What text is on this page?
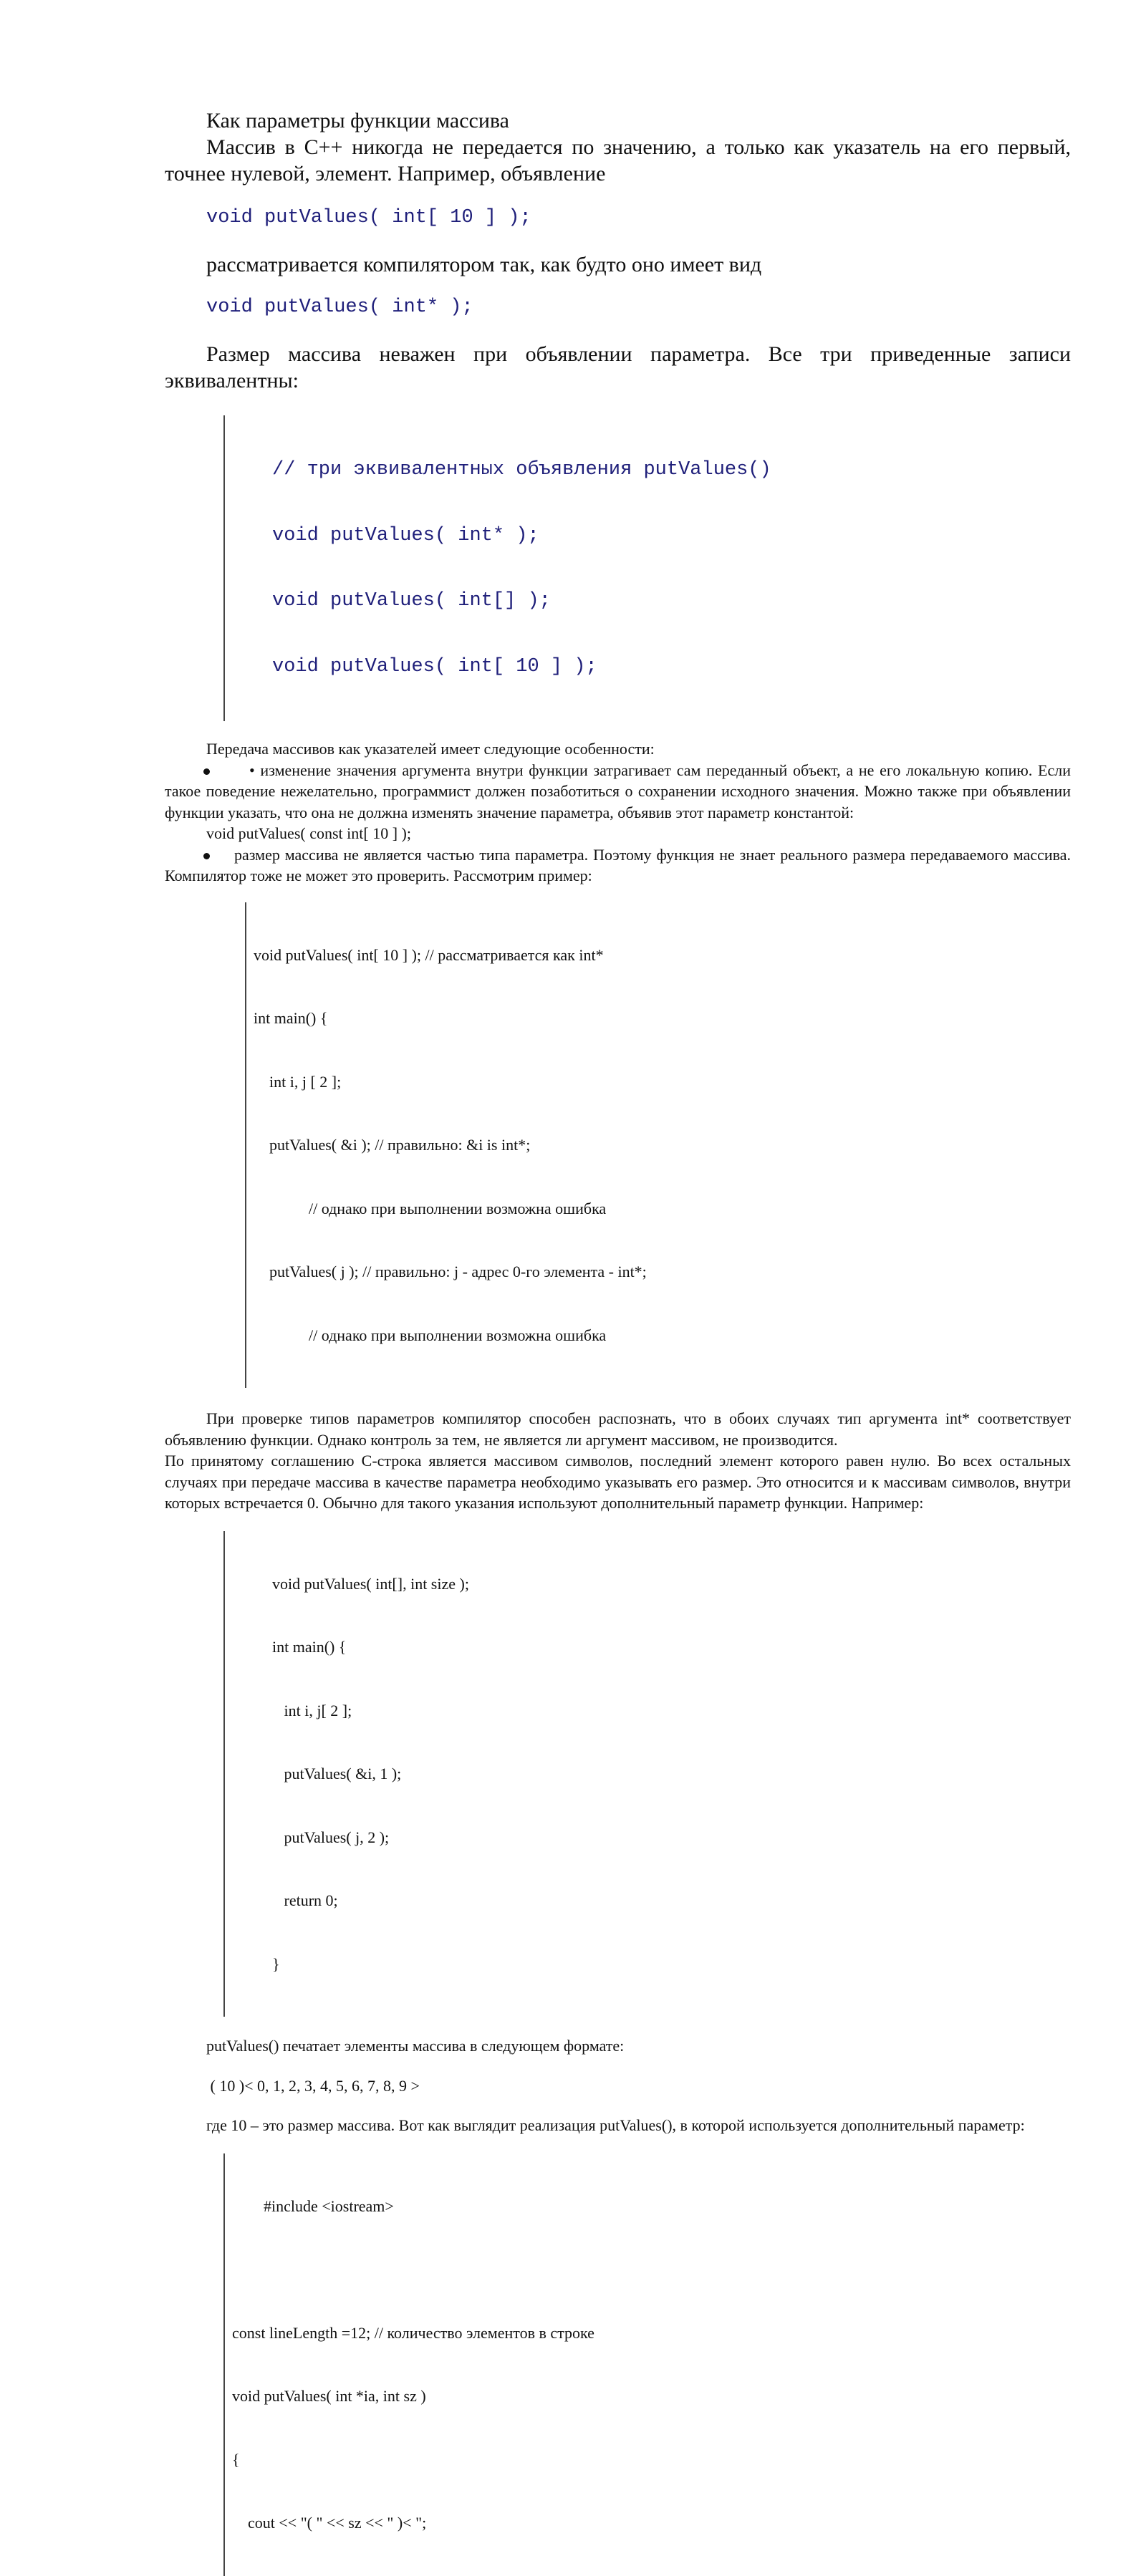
Как параметры функции массива

Массив в C++ никогда не передается по значению, а только как указатель на его первый, точнее нулевой, элемент. Например, объявление

void putValues( int[ 10 ] );

рассматривается компилятором так, как будто оно имеет вид

void putValues( int* );

Размер массива неважен при объявлении параметра. Все три приведенные записи эквивалентны:

// три эквивалентных объявления putValues()

void putValues( int* );

void putValues( int[] );

void putValues( int[ 10 ] );

Передача массивов как указателей имеет следующие особенности:

• изменение значения аргумента внутри функции затрагивает сам переданный объект, а не его локальную копию. Если такое поведение нежелательно, программист должен позаботиться о сохранении исходного значения. Можно также при объявлении функции указать, что она не должна изменять значение параметра, объявив этот параметр константой:

void putValues( const int[ 10 ] );

размер массива не является частью типа параметра. Поэтому функция не знает реального размера передаваемого массива. Компилятор тоже не может это проверить. Рассмотрим пример:

void putValues( int[ 10 ] ); // рассматривается как int*

int main() {

int i, j [ 2 ];

putValues( &i ); // правильно: &i is int*;

// однако при выполнении возможна ошибка

putValues( j ); // правильно: j - адрес 0-го элемента - int*;

// однако при выполнении возможна ошибка

При проверке типов параметров компилятор способен распознать, что в обоих случаях тип аргумента int* соответствует объявлению функции. Однако контроль за тем, не является ли аргумент массивом, не производится.

По принятому соглашению C-строка является массивом символов, последний элемент которого равен нулю. Во всех остальных случаях при передаче массива в качестве параметра необходимо указывать его размер. Это относится и к массивам символов, внутри которых встречается 0. Обычно для такого указания используют дополнительный параметр функции. Например:

void putValues( int[], int size );

int main() {

int i, j[ 2 ];

putValues( &i, 1 );

putValues( j, 2 );

return 0;

}

putValues() печатает элементы массива в следующем формате:

( 10 )< 0, 1, 2, 3, 4, 5, 6, 7, 8, 9 >

где 10 – это размер массива. Вот как выглядит реализация putValues(), в которой используется дополнительный параметр:

#include <iostream>

const lineLength =12; // количество элементов в строке

void putValues( int *ia, int sz )

{

cout << "( " << sz << " )< ";
